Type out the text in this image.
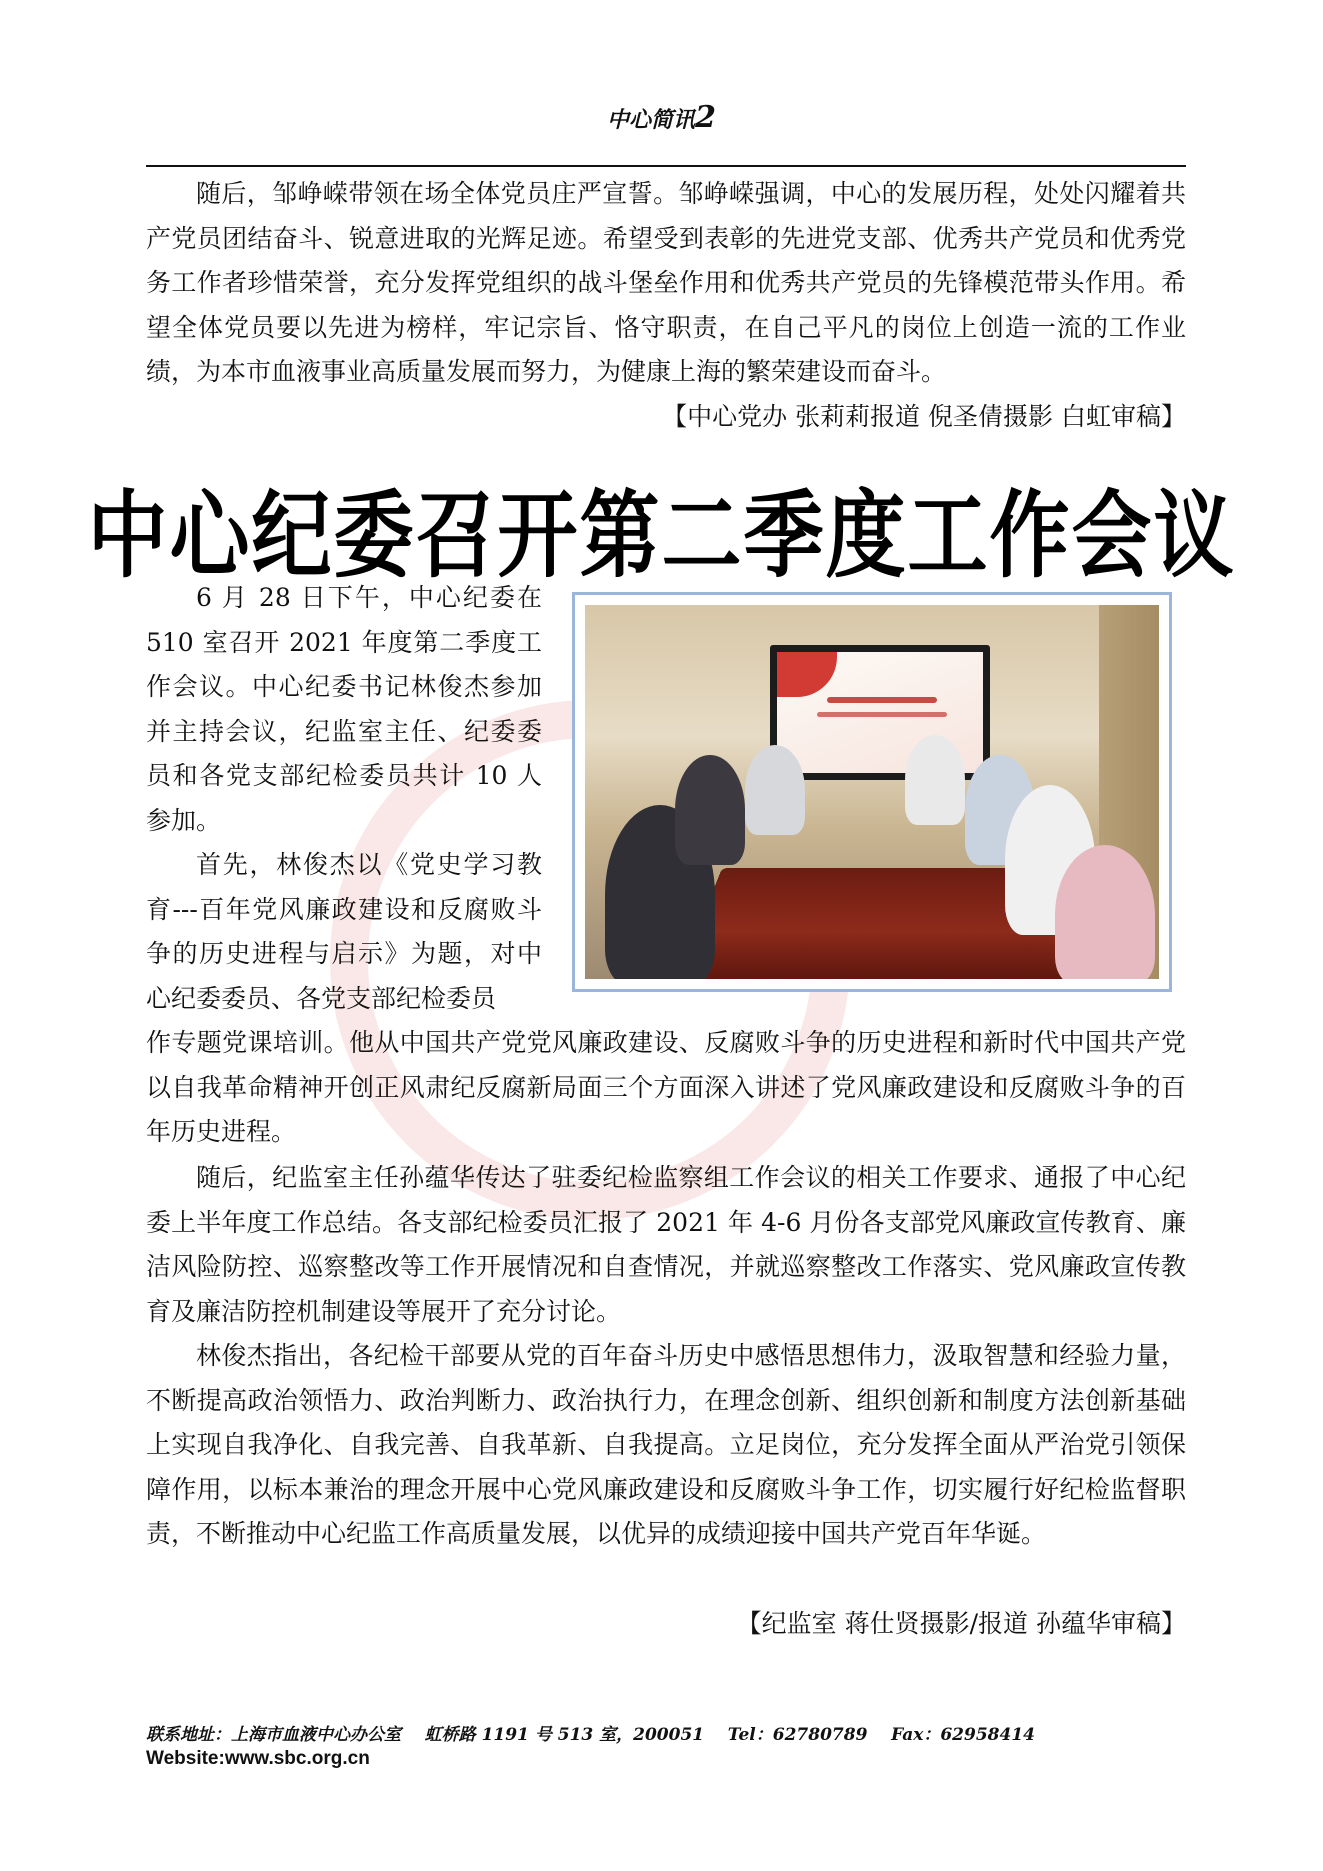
中心简讯2

随后，邹峥嵘带领在场全体党员庄严宣誓。邹峥嵘强调，中心的发展历程，处处闪耀着共产党员团结奋斗、锐意进取的光辉足迹。希望受到表彰的先进党支部、优秀共产党员和优秀党务工作者珍惜荣誉，充分发挥党组织的战斗堡垒作用和优秀共产党员的先锋模范带头作用。希望全体党员要以先进为榜样，牢记宗旨、恪守职责，在自己平凡的岗位上创造一流的工作业绩，为本市血液事业高质量发展而努力，为健康上海的繁荣建设而奋斗。

【中心党办 张莉莉报道 倪圣倩摄影 白虹审稿】

中心纪委召开第二季度工作会议

6 月 28 日下午，中心纪委在 510 室召开 2021 年度第二季度工作会议。中心纪委书记林俊杰参加并主持会议，纪监室主任、纪委委员和各党支部纪检委员共计 10 人参加。

首先，林俊杰以《党史学习教育---百年党风廉政建设和反腐败斗争的历史进程与启示》为题，对中心纪委委员、各党支部纪检委员

作专题党课培训。他从中国共产党党风廉政建设、反腐败斗争的历史进程和新时代中国共产党以自我革命精神开创正风肃纪反腐新局面三个方面深入讲述了党风廉政建设和反腐败斗争的百年历史进程。

随后，纪监室主任孙蕴华传达了驻委纪检监察组工作会议的相关工作要求、通报了中心纪委上半年度工作总结。各支部纪检委员汇报了 2021 年 4-6 月份各支部党风廉政宣传教育、廉洁风险防控、巡察整改等工作开展情况和自查情况，并就巡察整改工作落实、党风廉政宣传教育及廉洁防控机制建设等展开了充分讨论。

林俊杰指出，各纪检干部要从党的百年奋斗历史中感悟思想伟力，汲取智慧和经验力量，不断提高政治领悟力、政治判断力、政治执行力，在理念创新、组织创新和制度方法创新基础上实现自我净化、自我完善、自我革新、自我提高。立足岗位，充分发挥全面从严治党引领保障作用，以标本兼治的理念开展中心党风廉政建设和反腐败斗争工作，切实履行好纪检监督职责，不断推动中心纪监工作高质量发展，以优异的成绩迎接中国共产党百年华诞。

【纪监室 蒋仕贤摄影/报道 孙蕴华审稿】

联系地址：上海市血液中心办公室    虹桥路 1191 号 513 室，200051    Tel：62780789    Fax：62958414
Website:www.sbc.org.cn
